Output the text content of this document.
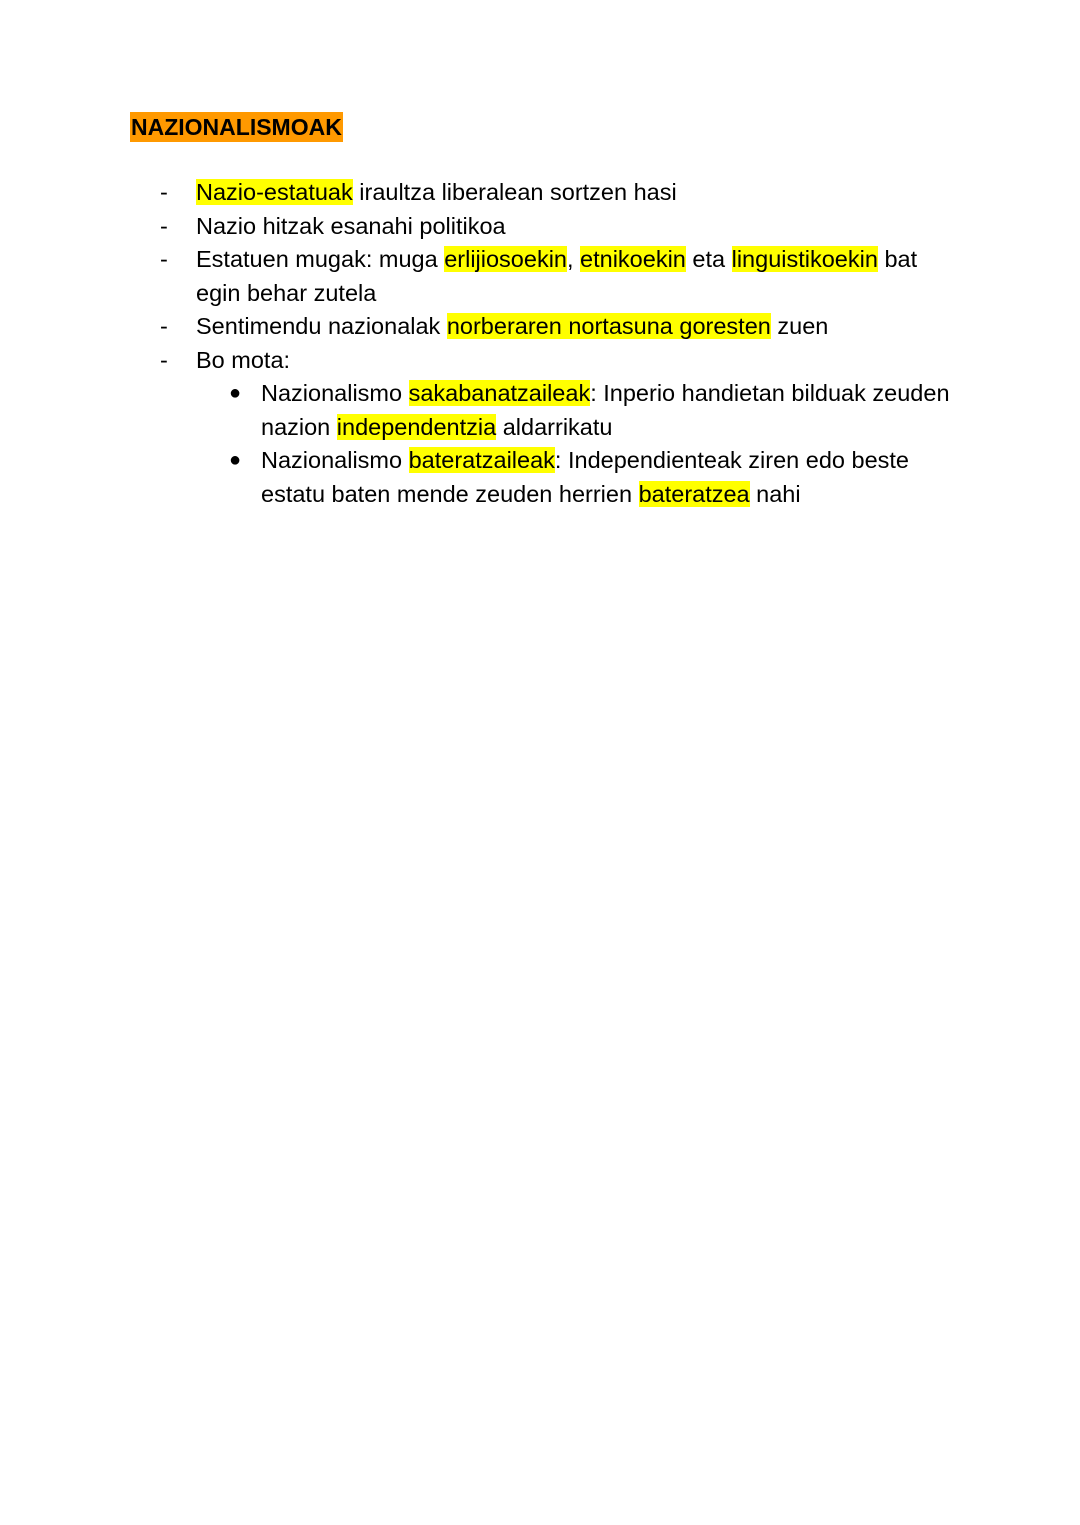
NAZIONALISMOAK
-	Nazio-estatuak iraultza liberalean sortzen hasi
-	Nazio hitzak esanahi politikoa
-	Estatuen mugak: muga erlijiosoekin, etnikoekin eta linguistikoekin bat egin behar zutela
-	Sentimendu nazionalak norberaren nortasuna goresten zuen
-	Bo mota:
● Nazionalismo sakabanatzaileak: Inperio handietan bilduak zeuden nazion independentzia aldarrikatu
● Nazionalismo bateratzaileak: Independienteak ziren edo beste estatu baten mende zeuden herrien bateratzea nahi
